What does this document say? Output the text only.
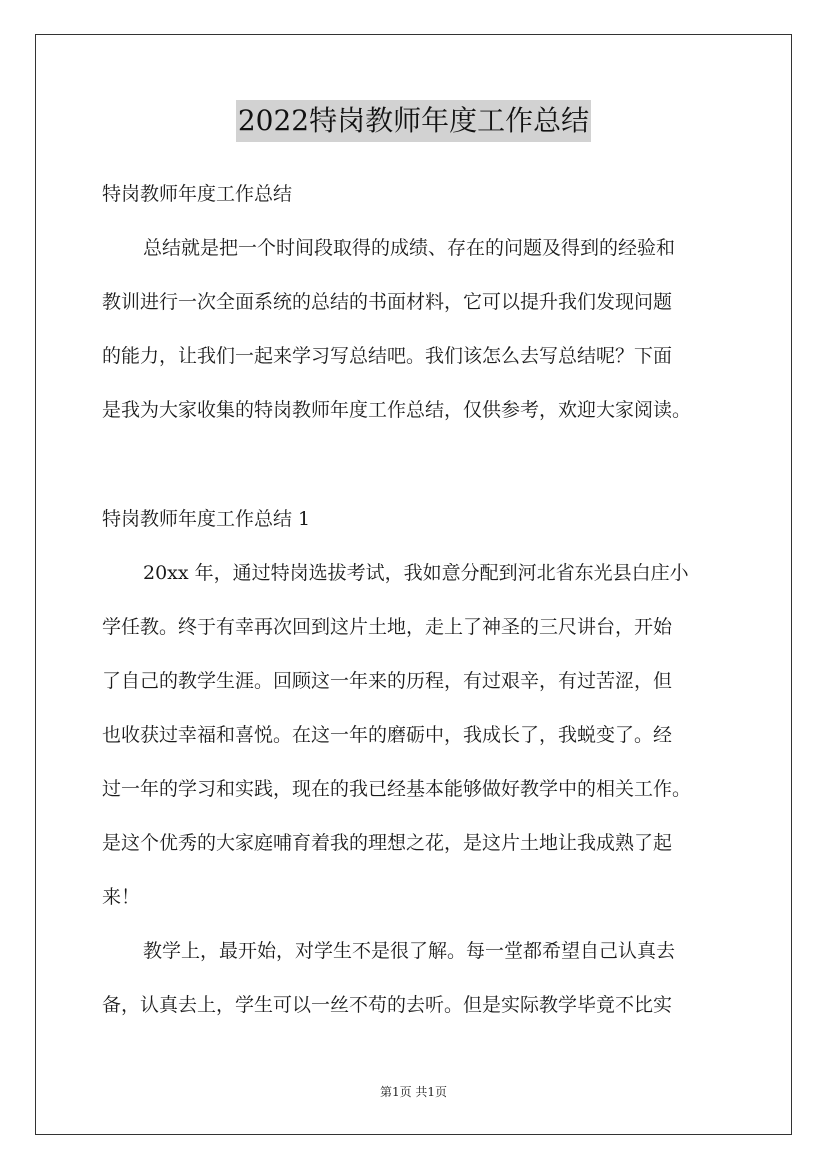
2022特岗教师年度工作总结
特岗教师年度工作总结
总结就是把一个时间段取得的成绩、存在的问题及得到的经验和
教训进行一次全面系统的总结的书面材料，它可以提升我们发现问题
的能力，让我们一起来学习写总结吧。我们该怎么去写总结呢？下面
是我为大家收集的特岗教师年度工作总结，仅供参考，欢迎大家阅读。
特岗教师年度工作总结 1
20xx 年，通过特岗选拔考试，我如意分配到河北省东光县白庄小
学任教。终于有幸再次回到这片土地，走上了神圣的三尺讲台，开始
了自己的教学生涯。回顾这一年来的历程，有过艰辛，有过苦涩，但
也收获过幸福和喜悦。在这一年的磨砺中，我成长了，我蜕变了。经
过一年的学习和实践，现在的我已经基本能够做好教学中的相关工作。
是这个优秀的大家庭哺育着我的理想之花，是这片土地让我成熟了起
来！
教学上，最开始，对学生不是很了解。每一堂都希望自己认真去
备，认真去上，学生可以一丝不苟的去听。但是实际教学毕竟不比实
第1页 共1页
